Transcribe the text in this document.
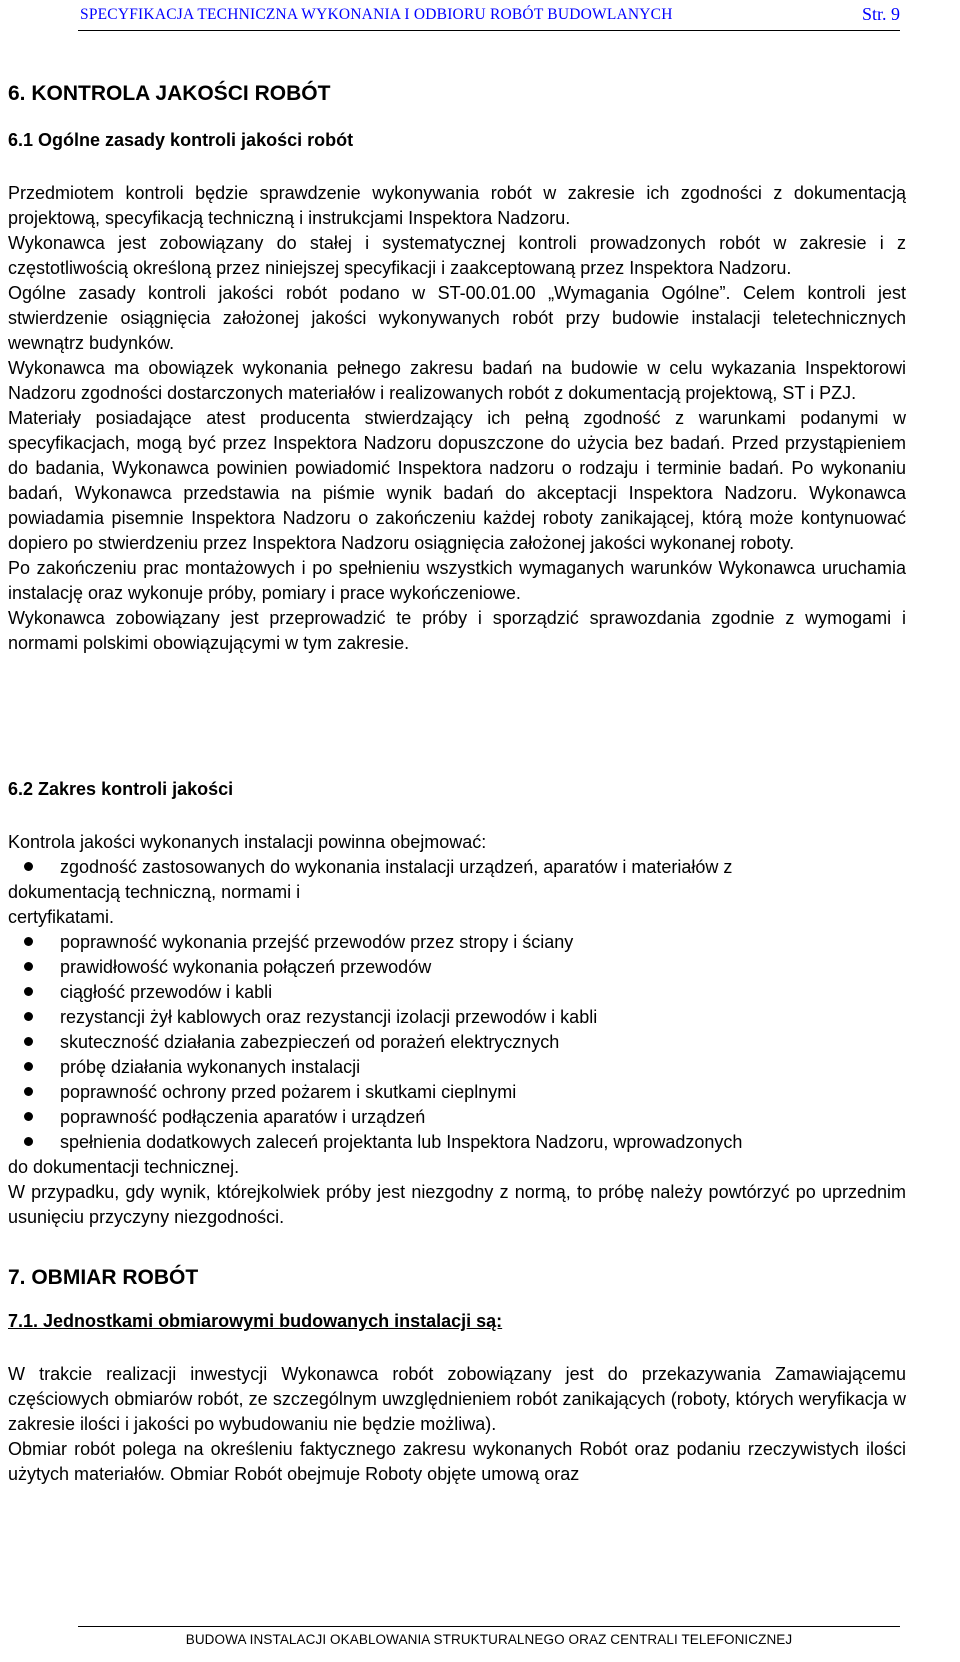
SPECYFIKACJA TECHNICZNA WYKONANIA I ODBIORU ROBÓT BUDOWLANYCH	Str. 9
6. KONTROLA JAKOŚCI ROBÓT
6.1 Ogólne zasady kontroli jakości robót

Przedmiotem kontroli będzie sprawdzenie wykonywania robót w zakresie ich zgodności z dokumentacją projektową, specyfikacją techniczną i instrukcjami Inspektora Nadzoru.

Wykonawca jest zobowiązany do stałej i systematycznej kontroli prowadzonych robót w zakresie i z częstotliwością określoną przez niniejszej specyfikacji i zaakceptowaną przez Inspektora Nadzoru.

Ogólne zasady kontroli jakości robót podano w ST-00.01.00 „Wymagania Ogólne”. Celem kontroli jest stwierdzenie osiągnięcia założonej jakości wykonywanych robót przy budowie instalacji teletechnicznych wewnątrz budynków.

Wykonawca ma obowiązek wykonania pełnego zakresu badań na budowie w celu wykazania Inspektorowi Nadzoru zgodności dostarczonych materiałów i realizowanych robót z dokumentacją projektową, ST i PZJ.

Materiały posiadające atest producenta stwierdzający ich pełną zgodność z warunkami podanymi w specyfikacjach, mogą być przez Inspektora Nadzoru dopuszczone do użycia bez badań. Przed przystąpieniem do badania, Wykonawca powinien powiadomić Inspektora nadzoru o rodzaju i terminie badań. Po wykonaniu badań, Wykonawca przedstawia na piśmie wynik badań do akceptacji Inspektora Nadzoru. Wykonawca powiadamia pisemnie Inspektora Nadzoru o zakończeniu każdej roboty zanikającej, którą może kontynuować dopiero po stwierdzeniu przez Inspektora Nadzoru osiągnięcia założonej jakości wykonanej roboty.

Po zakończeniu prac montażowych i po spełnieniu wszystkich wymaganych warunków Wykonawca uruchamia instalację oraz wykonuje próby, pomiary i prace wykończeniowe.

Wykonawca zobowiązany jest przeprowadzić te próby i sporządzić sprawozdania zgodnie z wymogami i normami polskimi obowiązującymi w tym zakresie.

6.2 Zakres kontroli jakości
Kontrola jakości wykonanych instalacji powinna obejmować:
zgodność zastosowanych do wykonania instalacji urządzeń, aparatów i materiałów z
dokumentacją techniczną, normami i
certyfikatami.
poprawność wykonania przejść przewodów przez stropy i ściany
prawidłowość wykonania połączeń przewodów
ciągłość przewodów i kabli
rezystancji żył kablowych oraz rezystancji izolacji przewodów i kabli
skuteczność działania zabezpieczeń od porażeń elektrycznych
próbę działania wykonanych instalacji
poprawność ochrony przed pożarem i skutkami cieplnymi
poprawność podłączenia aparatów i urządzeń
spełnienia dodatkowych zaleceń projektanta lub Inspektora Nadzoru, wprowadzonych
do dokumentacji technicznej.

W przypadku, gdy wynik, którejkolwiek próby jest niezgodny z normą, to próbę należy powtórzyć po uprzednim usunięciu przyczyny niezgodności.

7. OBMIAR ROBÓT
7.1. Jednostkami obmiarowymi budowanych instalacji są:

W trakcie realizacji inwestycji Wykonawca robót zobowiązany jest do przekazywania Zamawiającemu częściowych obmiarów robót, ze szczególnym uwzględnieniem robót zanikających (roboty, których weryfikacja w zakresie ilości i jakości po wybudowaniu nie będzie możliwa).

Obmiar robót polega na określeniu faktycznego zakresu wykonanych Robót oraz podaniu rzeczywistych ilości użytych materiałów. Obmiar Robót obejmuje Roboty objęte umową oraz

BUDOWA INSTALACJI OKABLOWANIA STRUKTURALNEGO ORAZ CENTRALI TELEFONICZNEJ
